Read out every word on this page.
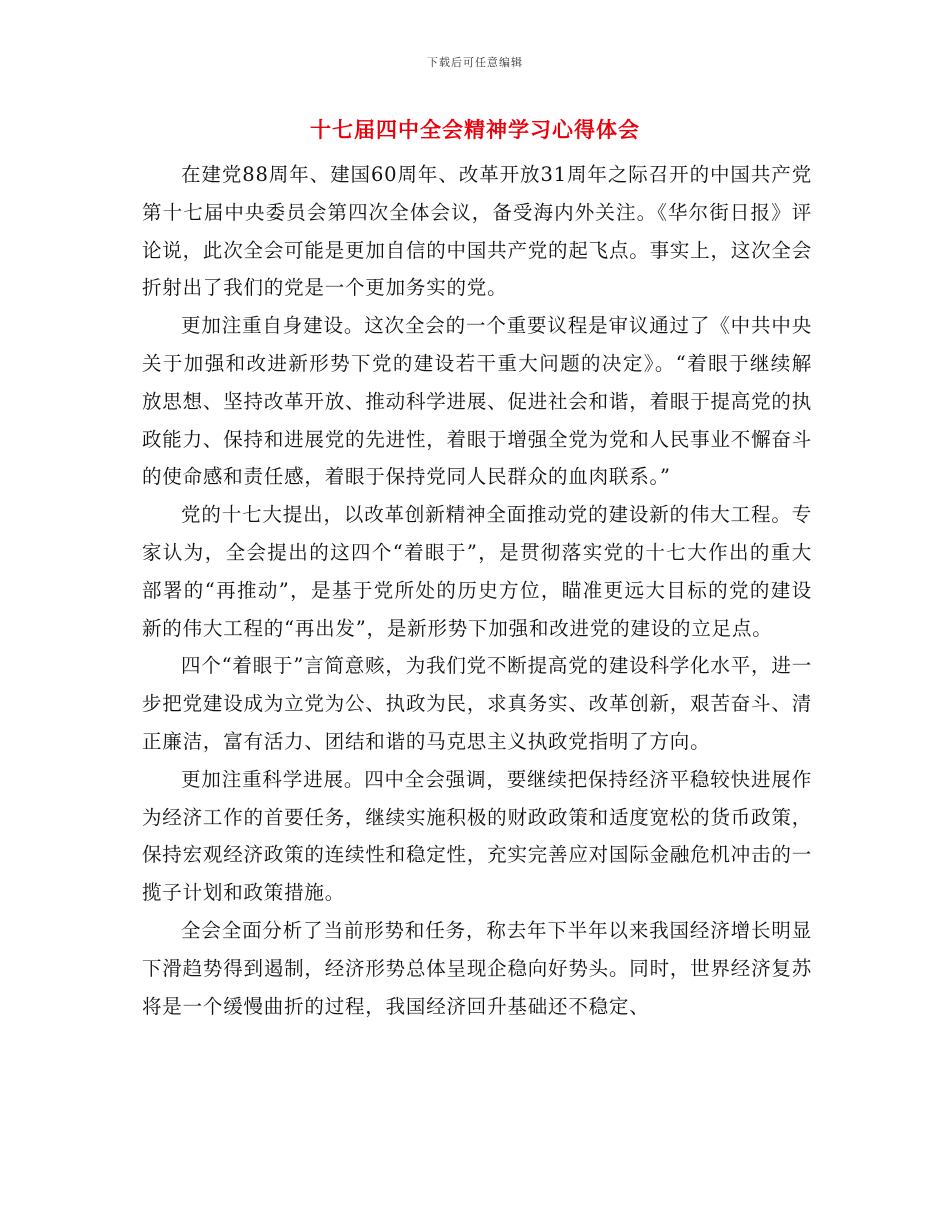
下载后可任意编辑
十七届四中全会精神学习心得体会

在建党88周年、建国60周年、改革开放31周年之际召开的中国共产党第十七届中央委员会第四次全体会议，备受海内外关注。《华尔街日报》评论说，此次全会可能是更加自信的中国共产党的起飞点。事实上，这次全会折射出了我们的党是一个更加务实的党。

更加注重自身建设。这次全会的一个重要议程是审议通过了《中共中央关于加强和改进新形势下党的建设若干重大问题的决定》。“着眼于继续解放思想、坚持改革开放、推动科学进展、促进社会和谐，着眼于提高党的执政能力、保持和进展党的先进性，着眼于增强全党为党和人民事业不懈奋斗的使命感和责任感，着眼于保持党同人民群众的血肉联系。”

党的十七大提出，以改革创新精神全面推动党的建设新的伟大工程。专家认为，全会提出的这四个“着眼于”，是贯彻落实党的十七大作出的重大部署的“再推动”，是基于党所处的历史方位，瞄准更远大目标的党的建设新的伟大工程的“再出发”，是新形势下加强和改进党的建设的立足点。

四个“着眼于”言简意赅，为我们党不断提高党的建设科学化水平，进一步把党建设成为立党为公、执政为民，求真务实、改革创新，艰苦奋斗、清正廉洁，富有活力、团结和谐的马克思主义执政党指明了方向。

更加注重科学进展。四中全会强调，要继续把保持经济平稳较快进展作为经济工作的首要任务，继续实施积极的财政政策和适度宽松的货币政策，保持宏观经济政策的连续性和稳定性，充实完善应对国际金融危机冲击的一揽子计划和政策措施。

全会全面分析了当前形势和任务，称去年下半年以来我国经济增长明显下滑趋势得到遏制，经济形势总体呈现企稳向好势头。同时，世界经济复苏将是一个缓慢曲折的过程，我国经济回升基础还不稳定、
